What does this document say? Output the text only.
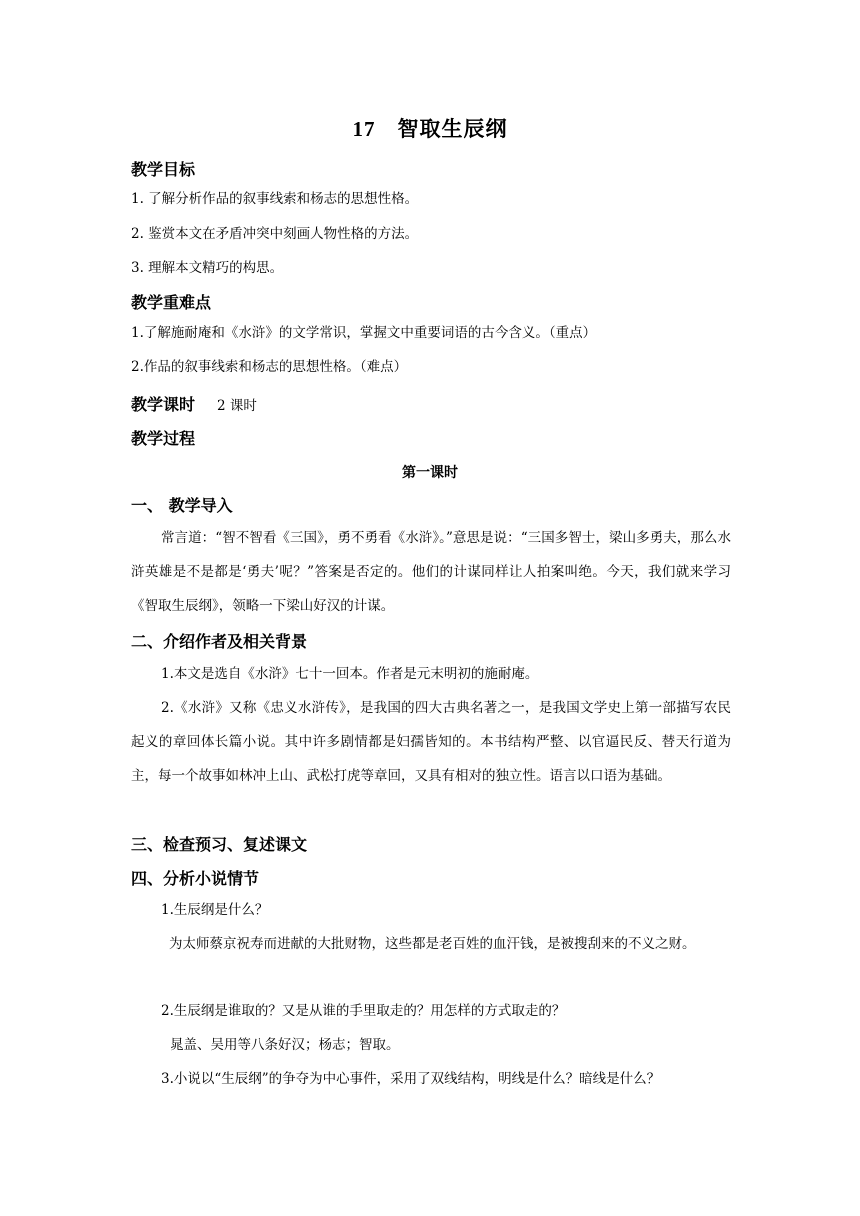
17 智取生辰纲
教学目标
1. 了解分析作品的叙事线索和杨志的思想性格。
2. 鉴赏本文在矛盾冲突中刻画人物性格的方法。
3. 理解本文精巧的构思。
教学重难点
1.了解施耐庵和《水浒》的文学常识，掌握文中重要词语的古今含义。（重点）
2.作品的叙事线索和杨志的思想性格。（难点）
教学课时 2 课时
教学过程
第一课时
一、 教学导入
常言道：“智不智看《三国》，勇不勇看《水浒》。”意思是说：“三国多智士，梁山多勇夫，那么水浒英雄是不是都是‘勇夫’呢？”答案是否定的。他们的计谋同样让人拍案叫绝。今天，我们就来学习《智取生辰纲》，领略一下梁山好汉的计谋。
二、介绍作者及相关背景
1.本文是选自《水浒》七十一回本。作者是元末明初的施耐庵。
2.《水浒》又称《忠义水浒传》，是我国的四大古典名著之一，是我国文学史上第一部描写农民起义的章回体长篇小说。其中许多剧情都是妇孺皆知的。本书结构严整、以官逼民反、替天行道为主，每一个故事如林冲上山、武松打虎等章回，又具有相对的独立性。语言以口语为基础。
三、检查预习、复述课文
四、分析小说情节
1.生辰纲是什么？
为太师蔡京祝寿而进献的大批财物，这些都是老百姓的血汗钱，是被搜刮来的不义之财。
2.生辰纲是谁取的？又是从谁的手里取走的？用怎样的方式取走的？
晁盖、吴用等八条好汉；杨志；智取。
3.小说以“生辰纲”的争夺为中心事件，采用了双线结构，明线是什么？暗线是什么？
